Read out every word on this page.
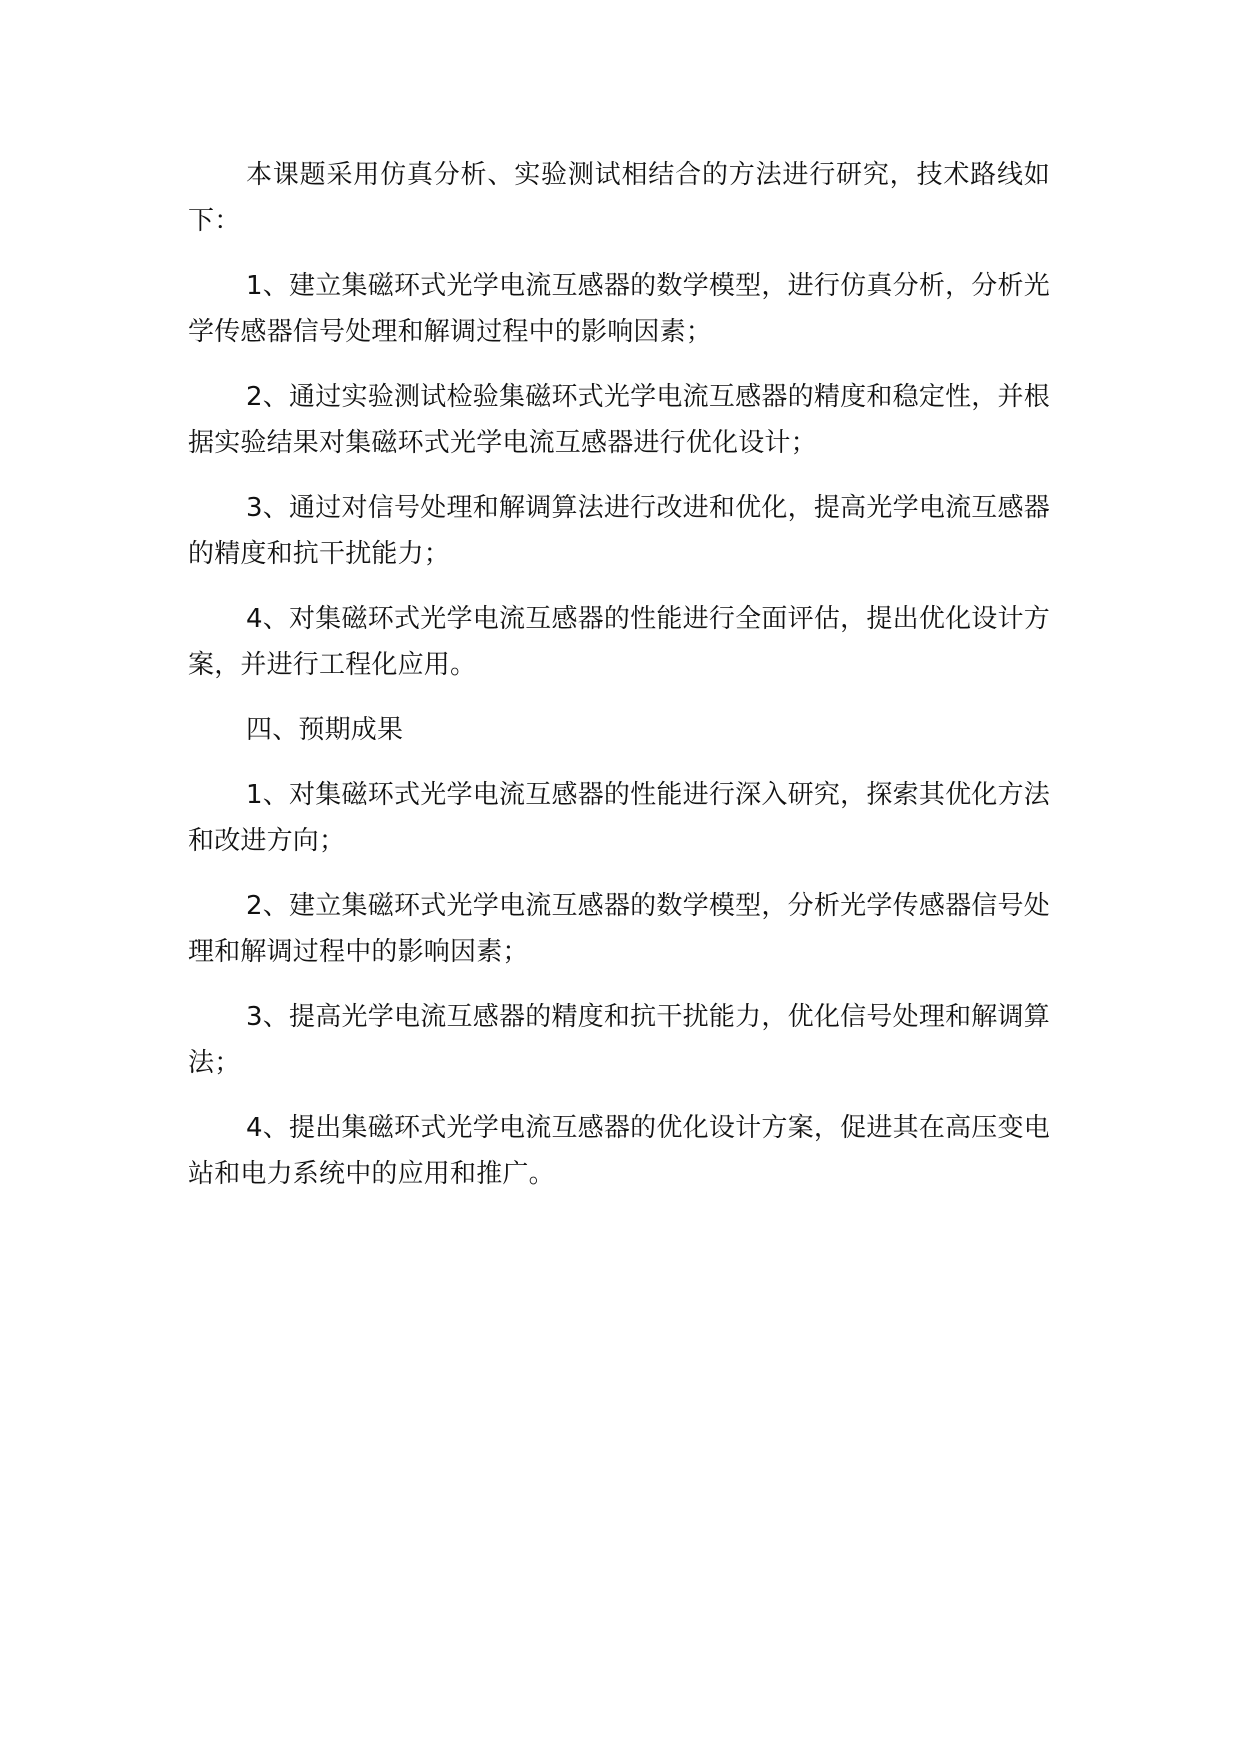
本课题采用仿真分析、实验测试相结合的方法进行研究，技术路线如下：

1、建立集磁环式光学电流互感器的数学模型，进行仿真分析，分析光学传感器信号处理和解调过程中的影响因素；

2、通过实验测试检验集磁环式光学电流互感器的精度和稳定性，并根据实验结果对集磁环式光学电流互感器进行优化设计；

3、通过对信号处理和解调算法进行改进和优化，提高光学电流互感器的精度和抗干扰能力；

4、对集磁环式光学电流互感器的性能进行全面评估，提出优化设计方案，并进行工程化应用。

四、预期成果

1、对集磁环式光学电流互感器的性能进行深入研究，探索其优化方法和改进方向；

2、建立集磁环式光学电流互感器的数学模型，分析光学传感器信号处理和解调过程中的影响因素；

3、提高光学电流互感器的精度和抗干扰能力，优化信号处理和解调算法；

4、提出集磁环式光学电流互感器的优化设计方案，促进其在高压变电站和电力系统中的应用和推广。
